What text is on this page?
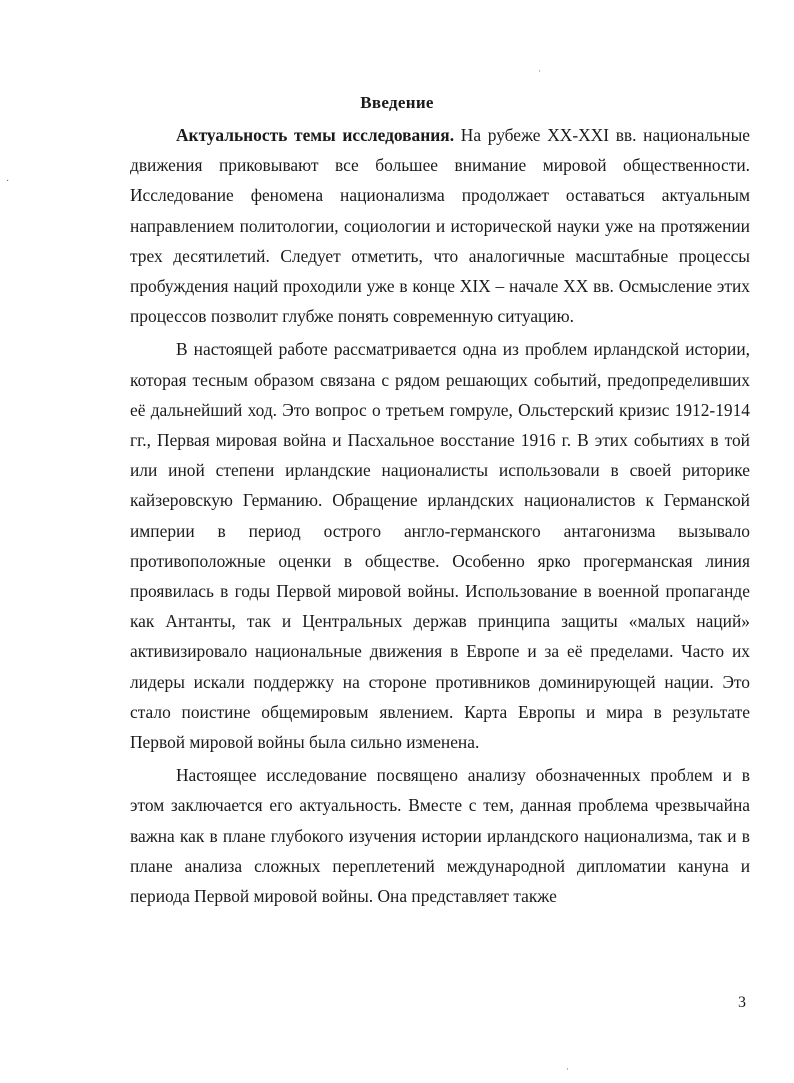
·
·
Введение

Актуальность темы исследования. На рубеже XX-XXI вв. национальные движения приковывают все большее внимание мировой общественности. Исследование феномена национализма продолжает оставаться актуальным направлением политологии, социологии и исторической науки уже на протяжении трех десятилетий. Следует отметить, что аналогичные масштабные процессы пробуждения наций проходили уже в конце XIX – начале XX вв. Осмысление этих процессов позволит глубже понять современную ситуацию.

В настоящей работе рассматривается одна из проблем ирландской истории, которая тесным образом связана с рядом решающих событий, предопределивших её дальнейший ход. Это вопрос о третьем гомруле, Ольстерский кризис 1912-1914 гг., Первая мировая война и Пасхальное восстание 1916 г. В этих событиях в той или иной степени ирландские националисты использовали в своей риторике кайзеровскую Германию. Обращение ирландских националистов к Германской империи в период острого англо-германского антагонизма вызывало противоположные оценки в обществе. Особенно ярко прогерманская линия проявилась в годы Первой мировой войны. Использование в военной пропаганде как Антанты, так и Центральных держав принципа защиты «малых наций» активизировало национальные движения в Европе и за её пределами. Часто их лидеры искали поддержку на стороне противников доминирующей нации. Это стало поистине общемировым явлением. Карта Европы и мира в результате Первой мировой войны была сильно изменена.

Настоящее исследование посвящено анализу обозначенных проблем и в этом заключается его актуальность. Вместе с тем, данная проблема чрезвычайна важна как в плане глубокого изучения истории ирландского национализма, так и в плане анализа сложных переплетений международной дипломатии кануна и периода Первой мировой войны. Она представляет также

3
·
